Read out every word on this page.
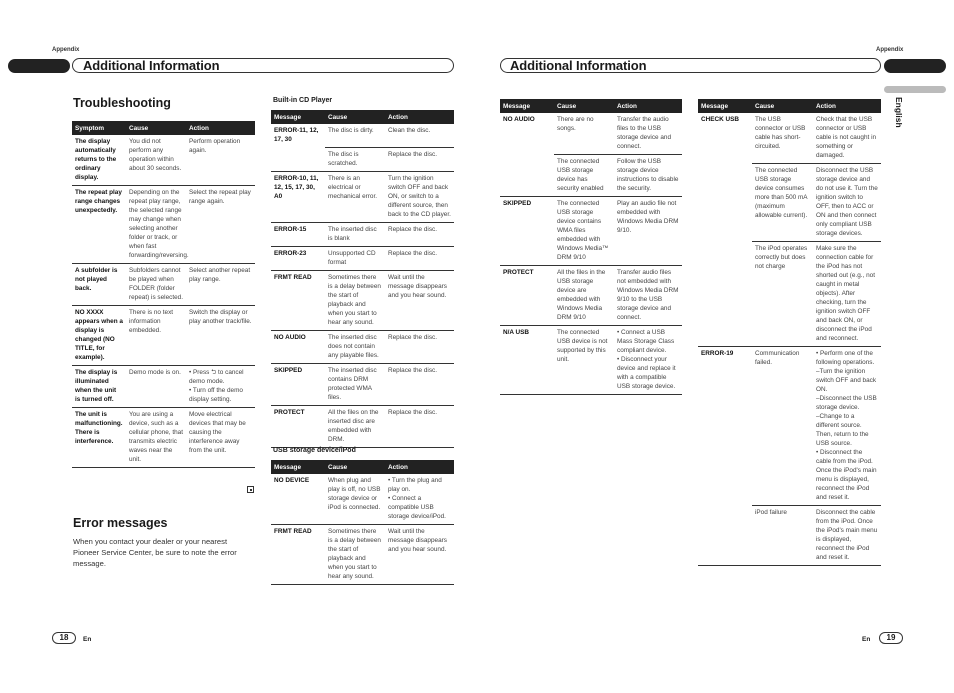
Appendix
Additional Information
Appendix
Additional Information
English
Troubleshooting
Symptom	Cause	Action
The display automatically returns to the ordinary display.	You did not perform any operation within about 30 seconds.	Perform operation again.
The repeat play range changes unexpectedly.	Depending on the repeat play range, the selected range may change when selecting another folder or track, or when fast forwarding/reversing.	Select the repeat play range again.
A subfolder is not played back.	Subfolders cannot be played when FOLDER (folder repeat) is selected.	Select another repeat play range.
NO XXXX appears when a display is changed (NO TITLE, for example).	There is no text information embedded.	Switch the display or play another track/file.
The display is illuminated when the unit is turned off.	Demo mode is on.	• Press ⮌ to cancel demo mode.
• Turn off the demo display setting.
The unit is malfunctioning. There is interference.	You are using a device, such as a cellular phone, that transmits electric waves near the unit.	Move electrical devices that may be causing the interference away from the unit.
Error messages
When you contact your dealer or your nearest Pioneer Service Center, be sure to note the error message.
Built-in CD Player
Message	Cause	Action
ERROR-11, 12, 17, 30	The disc is dirty.	Clean the disc.
	The disc is scratched.	Replace the disc.
ERROR-10, 11, 12, 15, 17, 30, A0	There is an electrical or mechanical error.	Turn the ignition switch OFF and back ON, or switch to a different source, then back to the CD player.
ERROR-15	The inserted disc is blank	Replace the disc.
ERROR-23	Unsupported CD format	Replace the disc.
FRMT READ	Sometimes there is a delay between the start of playback and when you start to hear any sound.	Wait until the message disappears and you hear sound.
NO AUDIO	The inserted disc does not contain any playable files.	Replace the disc.
SKIPPED	The inserted disc contains DRM protected WMA files.	Replace the disc.
PROTECT	All the files on the inserted disc are embedded with DRM.	Replace the disc.
USB storage device/iPod
Message	Cause	Action
NO DEVICE	When plug and play is off, no USB storage device or iPod is connected.	• Turn the plug and play on.
• Connect a compatible USB storage device/iPod.
FRMT READ	Sometimes there is a delay between the start of playback and when you start to hear any sound.	Wait until the message disappears and you hear sound.
Message	Cause	Action
NO AUDIO	There are no songs.	Transfer the audio files to the USB storage device and connect.
	The connected USB storage device has security enabled	Follow the USB storage device instructions to disable the security.
SKIPPED	The connected USB storage device contains WMA files embedded with Windows Media™ DRM 9/10	Play an audio file not embedded with Windows Media DRM 9/10.
PROTECT	All the files in the USB storage device are embedded with Windows Media DRM 9/10	Transfer audio files not embedded with Windows Media DRM 9/10 to the USB storage device and connect.
N/A USB	The connected USB device is not supported by this unit.	• Connect a USB Mass Storage Class compliant device.
• Disconnect your device and replace it with a compatible USB storage device.
Message	Cause	Action
CHECK USB	The USB connector or USB cable has short-circuited.	Check that the USB connector or USB cable is not caught in something or damaged.
	The connected USB storage device consumes more than 500 mA (maximum allowable current).	Disconnect the USB storage device and do not use it. Turn the ignition switch to OFF, then to ACC or ON and then connect only compliant USB storage devices.
	The iPod operates correctly but does not charge	Make sure the connection cable for the iPod has not shorted out (e.g., not caught in metal objects). After checking, turn the ignition switch OFF and back ON, or disconnect the iPod and reconnect.
ERROR-19	Communication failed.	• Perform one of the following operations.
–Turn the ignition switch OFF and back ON.
–Disconnect the USB storage device.
–Change to a different source. Then, return to the USB source.
• Disconnect the cable from the iPod. Once the iPod's main menu is displayed, reconnect the iPod and reset it.
	iPod failure	Disconnect the cable from the iPod. Once the iPod's main menu is displayed, reconnect the iPod and reset it.
18	En	En	19
